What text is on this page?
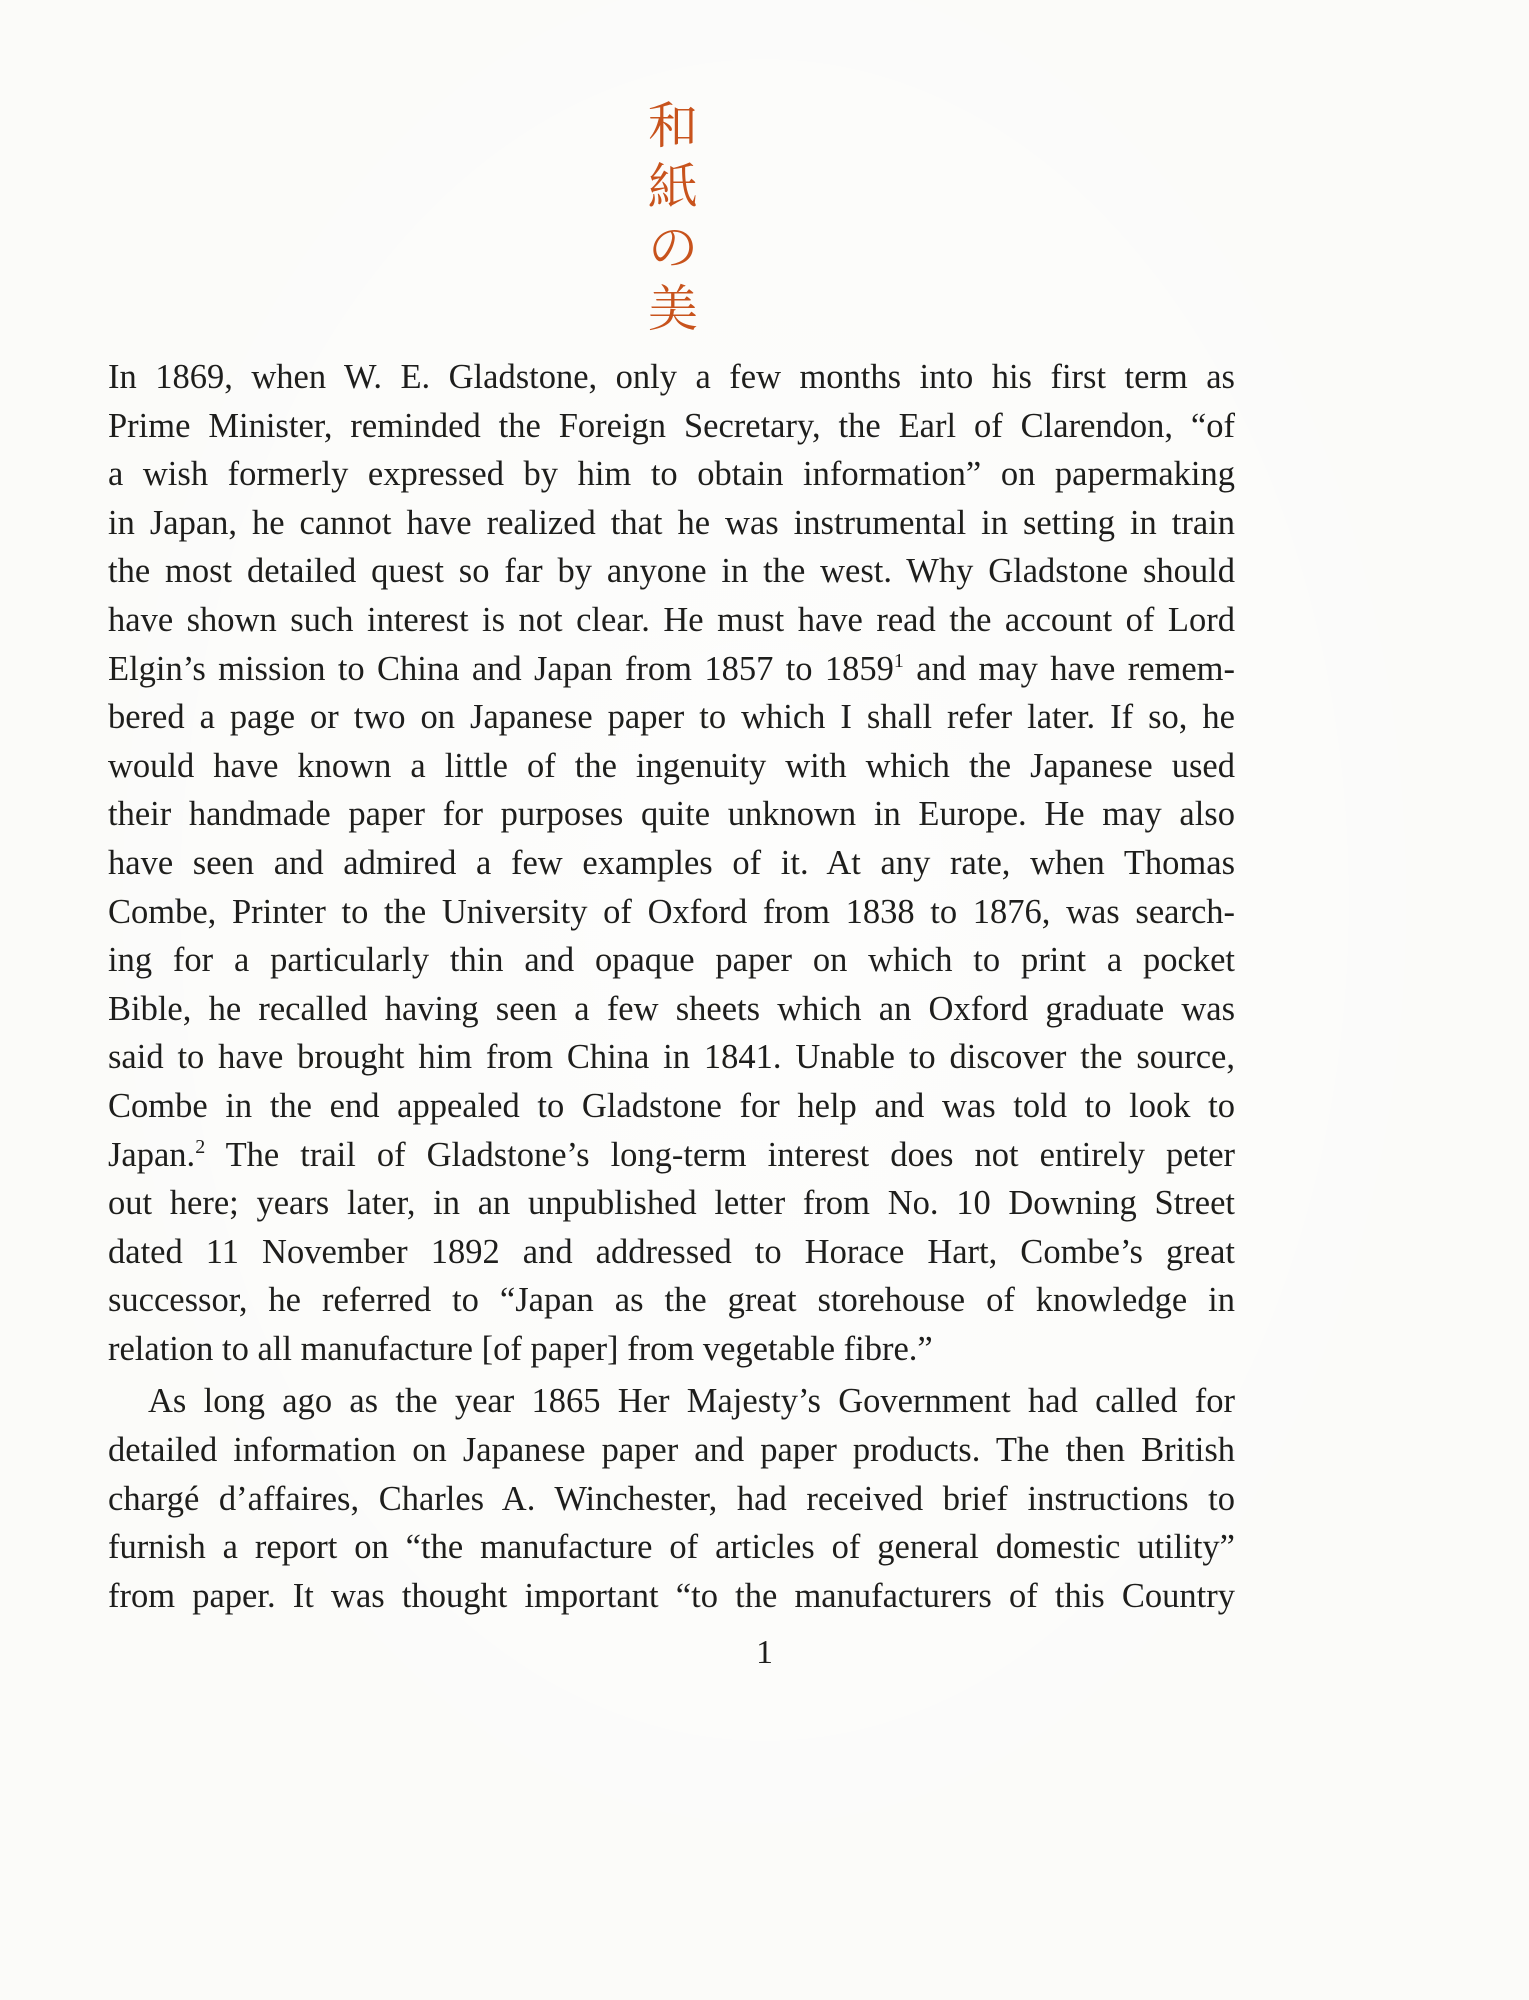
和
紙
の
美
In 1869, when W. E. Gladstone, only a few months into his first term as
Prime Minister, reminded the Foreign Secretary, the Earl of Clarendon, “of
a wish formerly expressed by him to obtain information” on papermaking
in Japan, he cannot have realized that he was instrumental in setting in train
the most detailed quest so far by anyone in the west. Why Gladstone should
have shown such interest is not clear. He must have read the account of Lord
Elgin’s mission to China and Japan from 1857 to 1859$^1$ and may have remem-
bered a page or two on Japanese paper to which I shall refer later. If so, he
would have known a little of the ingenuity with which the Japanese used
their handmade paper for purposes quite unknown in Europe. He may also
have seen and admired a few examples of it. At any rate, when Thomas
Combe, Printer to the University of Oxford from 1838 to 1876, was search-
ing for a particularly thin and opaque paper on which to print a pocket
Bible, he recalled having seen a few sheets which an Oxford graduate was
said to have brought him from China in 1841. Unable to discover the source,
Combe in the end appealed to Gladstone for help and was told to look to
Japan.$^2$ The trail of Gladstone’s long-term interest does not entirely peter
out here; years later, in an unpublished letter from No. 10 Downing Street
dated 11 November 1892 and addressed to Horace Hart, Combe’s great
successor, he referred to “Japan as the great storehouse of knowledge in
relation to all manufacture [of paper] from vegetable fibre.”
As long ago as the year 1865 Her Majesty’s Government had called for
detailed information on Japanese paper and paper products. The then British
chargé d’affaires, Charles A. Winchester, had received brief instructions to
furnish a report on “the manufacture of articles of general domestic utility”
from paper. It was thought important “to the manufacturers of this Country
1
